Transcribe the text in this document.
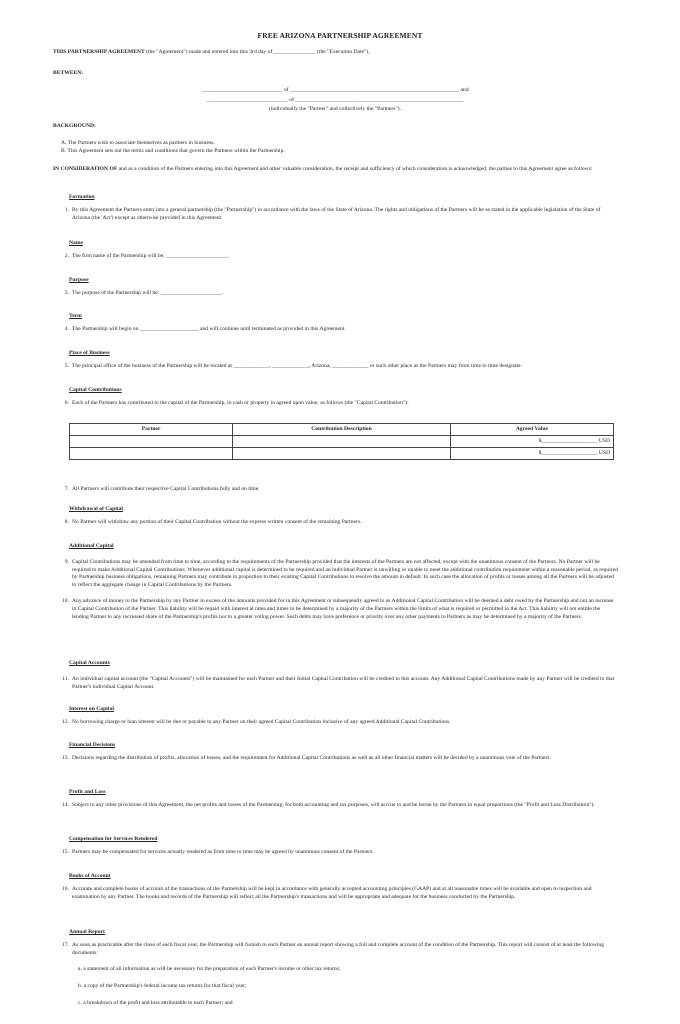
FREE ARIZONA PARTNERSHIP AGREEMENT
THIS PARTNERSHIP AGREEMENT (the "Agreement") made and entered into this 3rd day of _______________ (the "Execution Date"),
BETWEEN:
_____________________________ of ____________________________________________________________, and
_____________________________ of ____________________________________________________________
(individually the "Partner" and collectively the "Partners").
BACKGROUND:
A. The Partners wish to associate themselves as partners in business.
B. This Agreement sets out the terms and conditions that govern the Partners within the Partnership.
IN CONSIDERATION OF and as a condition of the Partners entering into this Agreement and other valuable consideration, the receipt and sufficiency of which consideration is acknowledged, the parties to this Agreement agree as follows:
Formation
1. By this Agreement the Partners enter into a general partnership (the "Partnership") in accordance with the laws of the State of Arizona. The rights and obligations of the Partners will be as stated in the applicable legislation of the State of Arizona (the 'Act') except as otherwise provided in this Agreement.
Name
2. The firm name of the Partnership will be: ______________________.
Purpose
3. The purpose of the Partnership will be: ______________________.
Term
4. The Partnership will begin on _____________________ and will continue until terminated as provided in this Agreement.
Place of Business
5. The principal office of the business of the Partnership will be located at _____________, _____________, Arizona, _____________ or such other place as the Partners may from time to time designate.
Capital Contributions
6. Each of the Partners has contributed to the capital of the Partnership, in cash or property in agreed upon value, as follows (the "Capital Contribution"):
Partner	Contribution Description	Agreed Value
		$____________________ USD
		$____________________ USD
7. All Partners will contribute their respective Capital Contributions fully and on time.
Withdrawal of Capital
8. No Partner will withdraw any portion of their Capital Contribution without the express written consent of the remaining Partners.
Additional Capital
9. Capital Contributions may be amended from time to time, according to the requirements of the Partnership provided that the interests of the Partners are not affected, except with the unanimous consent of the Partners. No Partner will be required to make Additional Capital Contributions. Whenever additional capital is determined to be required and an individual Partner is unwilling or unable to meet the additional contribution requirement within a reasonable period, as required by Partnership business obligations, remaining Partners may contribute in proportion to their existing Capital Contributions to resolve the amount in default. In such case the allocation of profits or losses among all the Partners will be adjusted to reflect the aggregate change in Capital Contributions by the Partners.
10. Any advance of money to the Partnership by any Partner in excess of the amounts provided for in this Agreement or subsequently agreed to as Additional Capital Contribution will be deemed a debt owed by the Partnership and not an increase in Capital Contribution of the Partner. This liability will be repaid with interest at rates and times to be determined by a majority of the Partners within the limits of what is required or permitted in the Act. This liability will not entitle the lending Partner to any increased share of the Partnership's profits nor to a greater voting power. Such debts may have preference or priority over any other payments to Partners as may be determined by a majority of the Partners.
Capital Accounts
11. An individual capital account (the "Capital Accounts") will be maintained for each Partner and their Initial Capital Contribution will be credited to this account. Any Additional Capital Contributions made by any Partner will be credited to that Partner's individual Capital Account.
Interest on Capital
12. No borrowing charge or loan interest will be due or payable to any Partner on their agreed Capital Contribution inclusive of any agreed Additional Capital Contributions.
Financial Decisions
13. Decisions regarding the distribution of profits, allocation of losses, and the requirement for Additional Capital Contributions as well as all other financial matters will be decided by a unanimous vote of the Partners.
Profit and Loss
14. Subject to any other provisions of this Agreement, the net profits and losses of the Partnership, for both accounting and tax purposes, will accrue to and be borne by the Partners in equal proportions (the "Profit and Loss Distribution").
Compensation for Services Rendered
15. Partners may be compensated for services actually rendered as from time to time may be agreed by unanimous consent of the Partners.
Books of Account
16. Accurate and complete books of account of the transactions of the Partnership will be kept in accordance with generally accepted accounting principles (GAAP) and at all reasonable times will be available and open to inspection and examination by any Partner. The books and records of the Partnership will reflect all the Partnership's transactions and will be appropriate and adequate for the business conducted by the Partnership.
Annual Report
17. As soon as practicable after the close of each fiscal year, the Partnership will furnish to each Partner an annual report showing a full and complete account of the condition of the Partnership. This report will consist of at least the following documents:
a. a statement of all information as will be necessary for the preparation of each Partner's income or other tax returns;
b. a copy of the Partnership's federal income tax returns for that fiscal year;
c. a breakdown of the profit and loss attributable to each Partner; and
